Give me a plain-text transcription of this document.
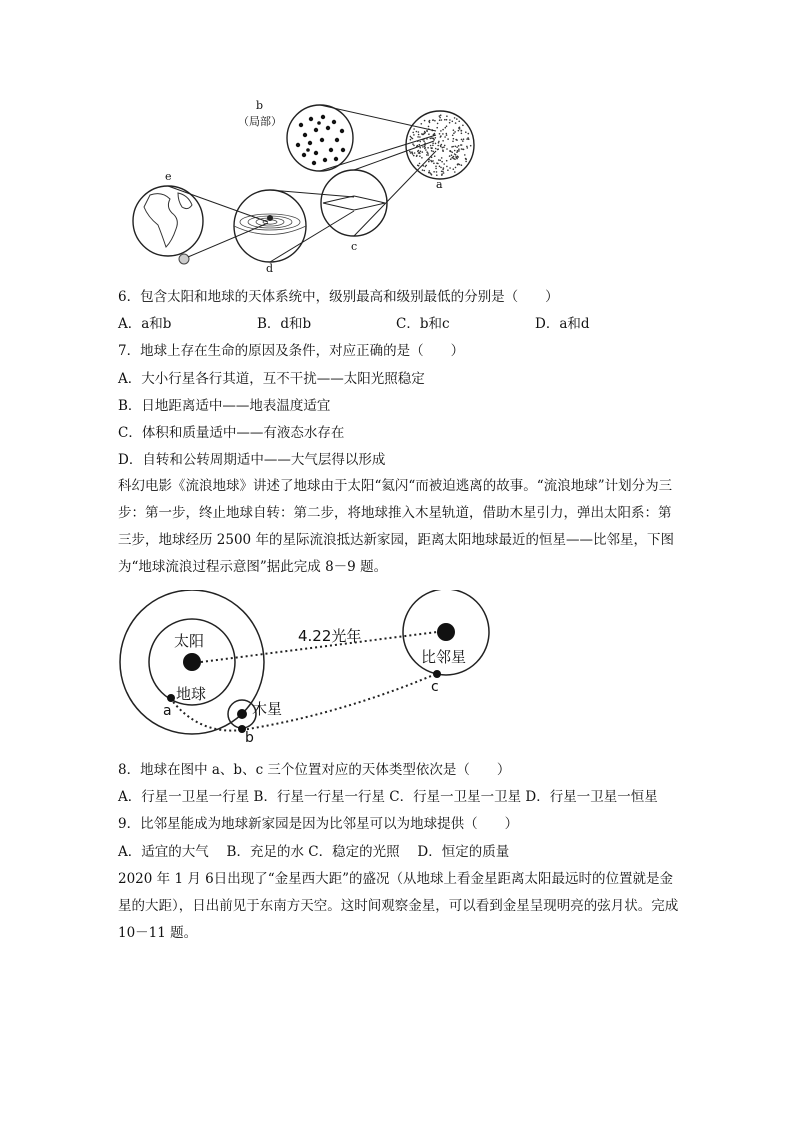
b
（局部）
a
c
d
e
6．包含太阳和地球的天体系统中，级别最高和级别最低的分别是（　　）
A．a和b	B．d和b	C．b和c	D．a和d
7．地球上存在生命的原因及条件，对应正确的是（　　）
A．大小行星各行其道，互不干扰——太阳光照稳定
B．日地距离适中——地表温度适宜
C．体积和质量适中——有液态水存在
D．自转和公转周期适中——大气层得以形成
科幻电影《流浪地球》讲述了地球由于太阳“氦闪“而被迫逃离的故事。“流浪地球”计划分为三步：第一步，终止地球自转：第二步，将地球推入木星轨道，借助木星引力，弹出太阳系：第三步，地球经历 2500 年的星际流浪抵达新家园，距离太阳地球最近的恒星——比邻星，下图为“地球流浪过程示意图”据此完成 8－9 题。
太阳
地球
木星
比邻星
4.22光年
a
b
c
8．地球在图中 a、b、c 三个位置对应的天体类型依次是（　　）
A．行星一卫星一行星 B．行星一行星一行星 C．行星一卫星一卫星 D．行星一卫星一恒星
9．比邻星能成为地球新家园是因为比邻星可以为地球提供（　　）
A．适宜的大气　 B．充足的水 C．稳定的光照　 D．恒定的质量
2020 年 1 月 6日出现了“金星西大距”的盛况（从地球上看金星距离太阳最远时的位置就是金星的大距），日出前见于东南方天空。这时间观察金星，可以看到金星呈现明亮的弦月状。完成 10－11 题。
